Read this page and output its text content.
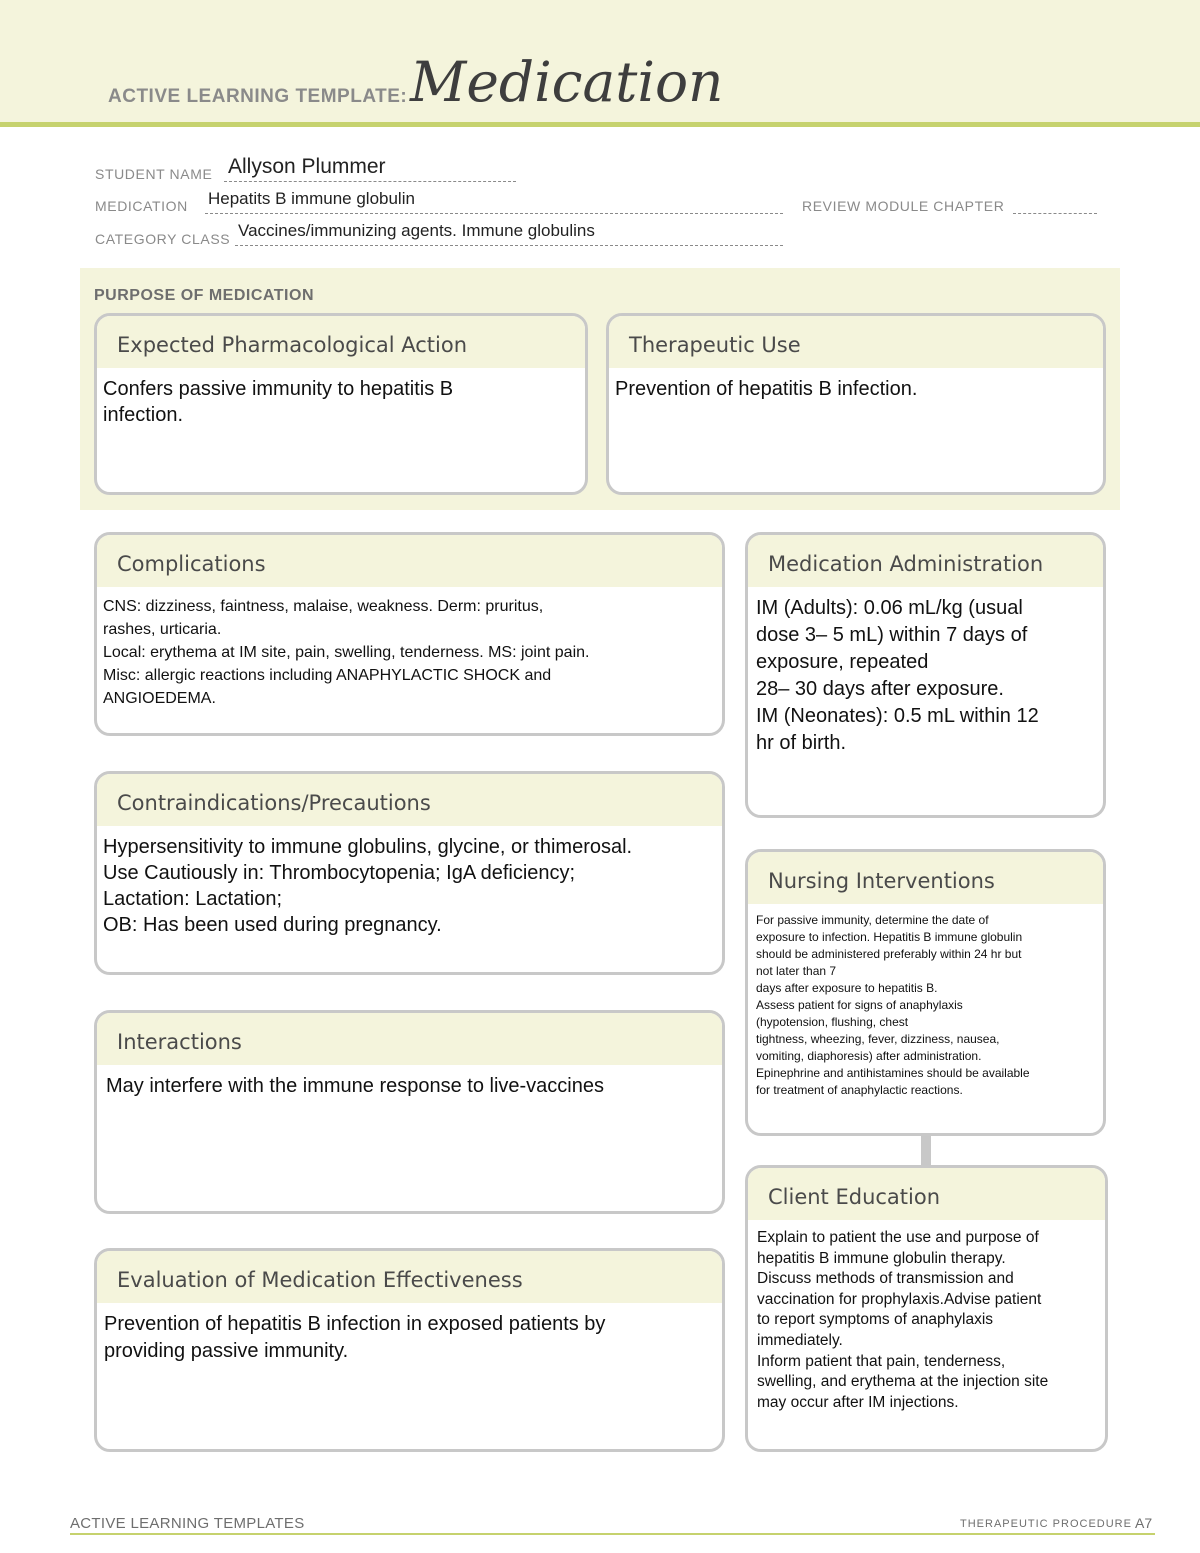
ACTIVE LEARNING TEMPLATE: Medication
STUDENT NAME Allyson Plummer
MEDICATION Hepatits B immune globulin	REVIEW MODULE CHAPTER
CATEGORY CLASS Vaccines/immunizing agents. Immune globulins
PURPOSE OF MEDICATION
Expected Pharmacological Action
Confers passive immunity to hepatitis B
infection.
Therapeutic Use
Prevention of hepatitis B infection.
Complications
CNS: dizziness, faintness, malaise, weakness. Derm: pruritus,
rashes, urticaria.
Local: erythema at IM site, pain, swelling, tenderness. MS: joint pain.
Misc: allergic reactions including ANAPHYLACTIC SHOCK and
ANGIOEDEMA.
Medication Administration
IM (Adults): 0.06 mL/kg (usual
dose 3– 5 mL) within 7 days of
exposure, repeated
28– 30 days after exposure.
IM (Neonates): 0.5 mL within 12
hr of birth.
Contraindications/Precautions
Hypersensitivity to immune globulins, glycine, or thimerosal.
Use Cautiously in: Thrombocytopenia; IgA deficiency;
Lactation: Lactation;
OB: Has been used during pregnancy.
Nursing Interventions
For passive immunity, determine the date of
exposure to infection. Hepatitis B immune globulin
should be administered preferably within 24 hr but
not later than 7
days after exposure to hepatitis B.
Assess patient for signs of anaphylaxis
(hypotension, flushing, chest
tightness, wheezing, fever, dizziness, nausea,
vomiting, diaphoresis) after administration.
Epinephrine and antihistamines should be available
for treatment of anaphylactic reactions.
Interactions
May interfere with the immune response to live-vaccines
Client Education
Explain to patient the use and purpose of
hepatitis B immune globulin therapy.
Discuss methods of transmission and
vaccination for prophylaxis.Advise patient
to report symptoms of anaphylaxis
immediately.
Inform patient that pain, tenderness,
swelling, and erythema at the injection site
may occur after IM injections.
Evaluation of Medication Effectiveness
Prevention of hepatitis B infection in exposed patients by
providing passive immunity.
ACTIVE LEARNING TEMPLATES	THERAPEUTIC PROCEDURE A7
